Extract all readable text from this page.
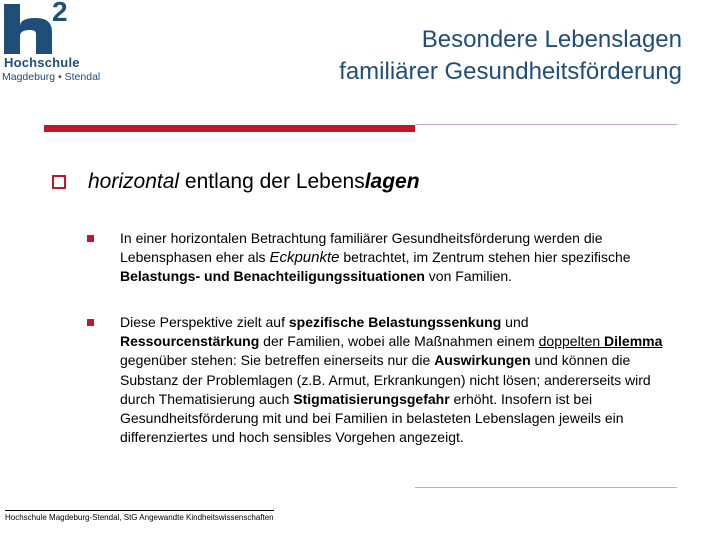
2
Hochschule
Magdeburg • Stendal
Besondere Lebenslagen
familiärer Gesundheitsförderung
horizontal entlang der Lebenslagen
In einer horizontalen Betrachtung familiärer Gesundheitsförderung werden die Lebensphasen eher als Eckpunkte betrachtet, im Zentrum stehen hier spezifische Belastungs- und Benachteiligungssituationen von Familien.
Diese Perspektive zielt auf spezifische Belastungssenkung und Ressourcenstärkung der Familien, wobei alle Maßnahmen einem doppelten Dilemma gegenüber stehen: Sie betreffen einerseits nur die Auswirkungen und können die Substanz der Problemlagen (z.B. Armut, Erkrankungen) nicht lösen; andererseits wird durch Thematisierung auch Stigmatisierungsgefahr erhöht. Insofern ist bei Gesundheitsförderung mit und bei Familien in belasteten Lebenslagen jeweils ein differenziertes und hoch sensibles Vorgehen angezeigt.
Hochschule Magdeburg-Stendal, StG Angewandte Kindheitswissenschaften
